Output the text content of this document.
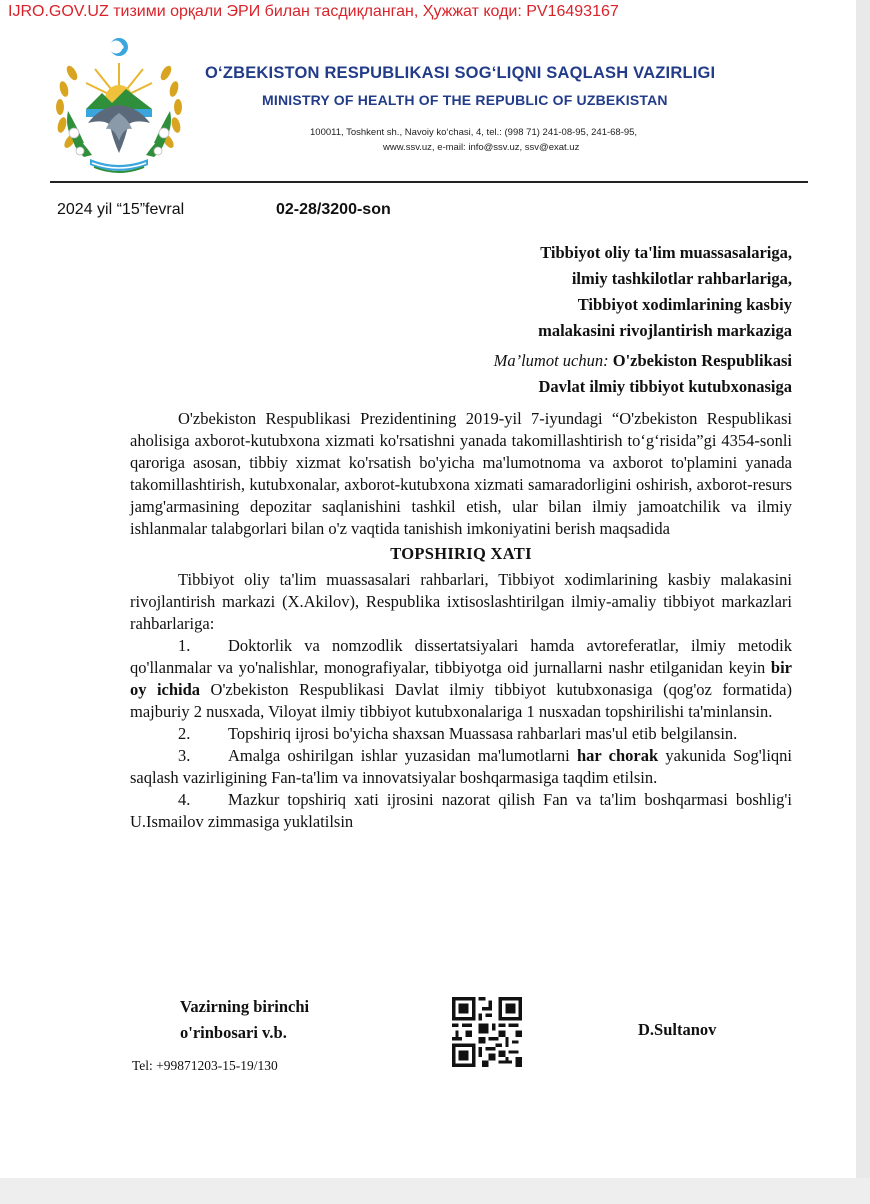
IJRO.GOV.UZ тизими орқали ЭРИ билан тасдиқланган, Ҳужжат коди: PV16493167
O‘ZBEKISTON RESPUBLIKASI SOG‘LIQNI SAQLASH VAZIRLIGI
MINISTRY OF HEALTH OF THE REPUBLIC OF UZBEKISTAN
100011, Toshkent sh., Navoiy ko‘chasi, 4, tel.: (998 71) 241-08-95, 241-68-95,
www.ssv.uz, e-mail: info@ssv.uz, ssv@exat.uz
2024 yil “15”fevral	02-28/3200-son
Tibbiyot oliy ta'lim muassasalariga,
ilmiy tashkilotlar rahbarlariga,
Tibbiyot xodimlarining kasbiy
malakasini rivojlantirish markaziga
Ma’lumot uchun: O'zbekiston Respublikasi
Davlat ilmiy tibbiyot kutubxonasiga

O'zbekiston Respublikasi Prezidentining 2019-yil 7-iyundagi “O'zbekiston Respublikasi aholisiga axborot-kutubxona xizmati ko'rsatishni yanada takomillashtirish to‘g‘risida”gi 4354-sonli qaroriga asosan, tibbiy xizmat ko'rsatish bo'yicha ma'lumotnoma va axborot to'plamini yanada takomillashtirish, kutubxonalar, axborot-kutubxona xizmati samaradorligini oshirish, axborot-resurs jamg'armasining depozitar saqlanishini tashkil etish, ular bilan ilmiy jamoatchilik va ilmiy ishlanmalar talabgorlari bilan o'z vaqtida tanishish imkoniyatini berish maqsadida

TOPSHIRIQ XATI

Tibbiyot oliy ta'lim muassasalari rahbarlari, Tibbiyot xodimlarining kasbiy malakasini rivojlantirish markazi (X.Akilov), Respublika ixtisoslashtirilgan ilmiy-amaliy tibbiyot markazlari rahbarlariga:

1. Doktorlik va nomzodlik dissertatsiyalari hamda avtoreferatlar, ilmiy metodik qo'llanmalar va yo'nalishlar, monografiyalar, tibbiyotga oid jurnallarni nashr etilganidan keyin bir oy ichida O'zbekiston Respublikasi Davlat ilmiy tibbiyot kutubxonasiga (qog'oz formatida) majburiy 2 nusxada, Viloyat ilmiy tibbiyot kutubxonalariga 1 nusxadan topshirilishi ta'minlansin.

2. Topshiriq ijrosi bo'yicha shaxsan Muassasa rahbarlari mas'ul etib belgilansin.

3. Amalga oshirilgan ishlar yuzasidan ma'lumotlarni har chorak yakunida Sog'liqni saqlash vazirligining Fan-ta'lim va innovatsiyalar boshqarmasiga taqdim etilsin.

4. Mazkur topshiriq xati ijrosini nazorat qilish Fan va ta'lim boshqarmasi boshlig'i U.Ismailov zimmasiga yuklatilsin

Vazirning birinchi
o'rinbosari v.b.	D.Sultanov
Tel: +99871203-15-19/130
